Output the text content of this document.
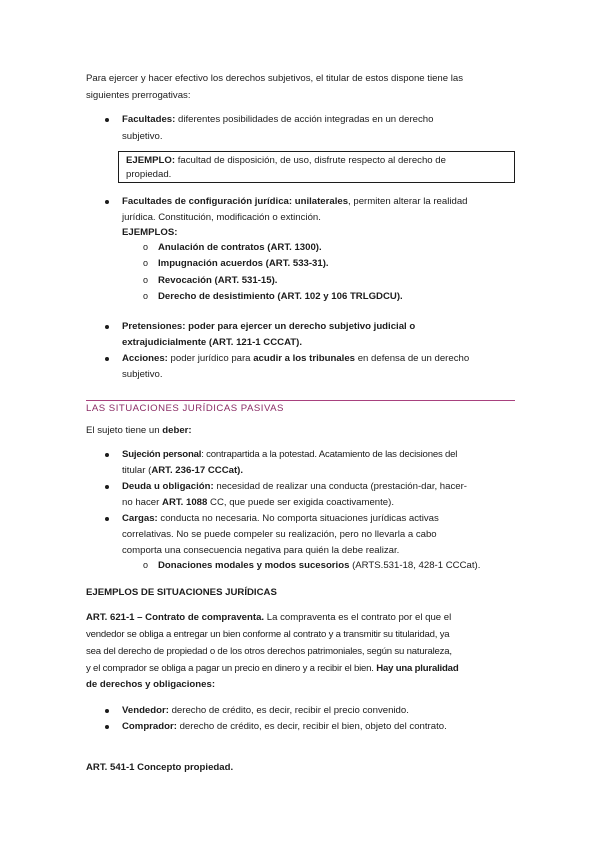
Para ejercer y hacer efectivo los derechos subjetivos, el titular de estos dispone tiene las
siguientes prerrogativas:
Facultades: diferentes posibilidades de acción integradas en un derecho
subjetivo.
EJEMPLO: facultad de disposición, de uso, disfrute respecto al derecho de
propiedad.
Facultades de configuración jurídica: unilaterales, permiten alterar la realidad
jurídica. Constitución, modificación o extinción.
EJEMPLOS:
o Anulación de contratos (ART. 1300).
o Impugnación acuerdos (ART. 533-31).
o Revocación (ART. 531-15).
o Derecho de desistimiento (ART. 102 y 106 TRLGDCU).
Pretensiones: poder para ejercer un derecho subjetivo judicial o
extrajudicialmente (ART. 121-1 CCCAT).
Acciones: poder jurídico para acudir a los tribunales en defensa de un derecho
subjetivo.
LAS SITUACIONES JURÍDICAS PASIVAS
El sujeto tiene un deber:
Sujeción personal: contrapartida a la potestad. Acatamiento de las decisiones del
titular (ART. 236-17 CCCat).
Deuda u obligación: necesidad de realizar una conducta (prestación-dar, hacer-
no hacer ART. 1088 CC, que puede ser exigida coactivamente).
Cargas: conducta no necesaria. No comporta situaciones jurídicas activas
correlativas. No se puede compeler su realización, pero no llevarla a cabo
comporta una consecuencia negativa para quién la debe realizar.
o Donaciones modales y modos sucesorios (ARTS.531-18, 428-1 CCCat).
EJEMPLOS DE SITUACIONES JURÍDICAS
ART. 621-1 – Contrato de compraventa. La compraventa es el contrato por el que el
vendedor se obliga a entregar un bien conforme al contrato y a transmitir su titularidad, ya
sea del derecho de propiedad o de los otros derechos patrimoniales, según su naturaleza,
y el comprador se obliga a pagar un precio en dinero y a recibir el bien. Hay una pluralidad
de derechos y obligaciones:
Vendedor: derecho de crédito, es decir, recibir el precio convenido.
Comprador: derecho de crédito, es decir, recibir el bien, objeto del contrato.
ART. 541-1 Concepto propiedad.
